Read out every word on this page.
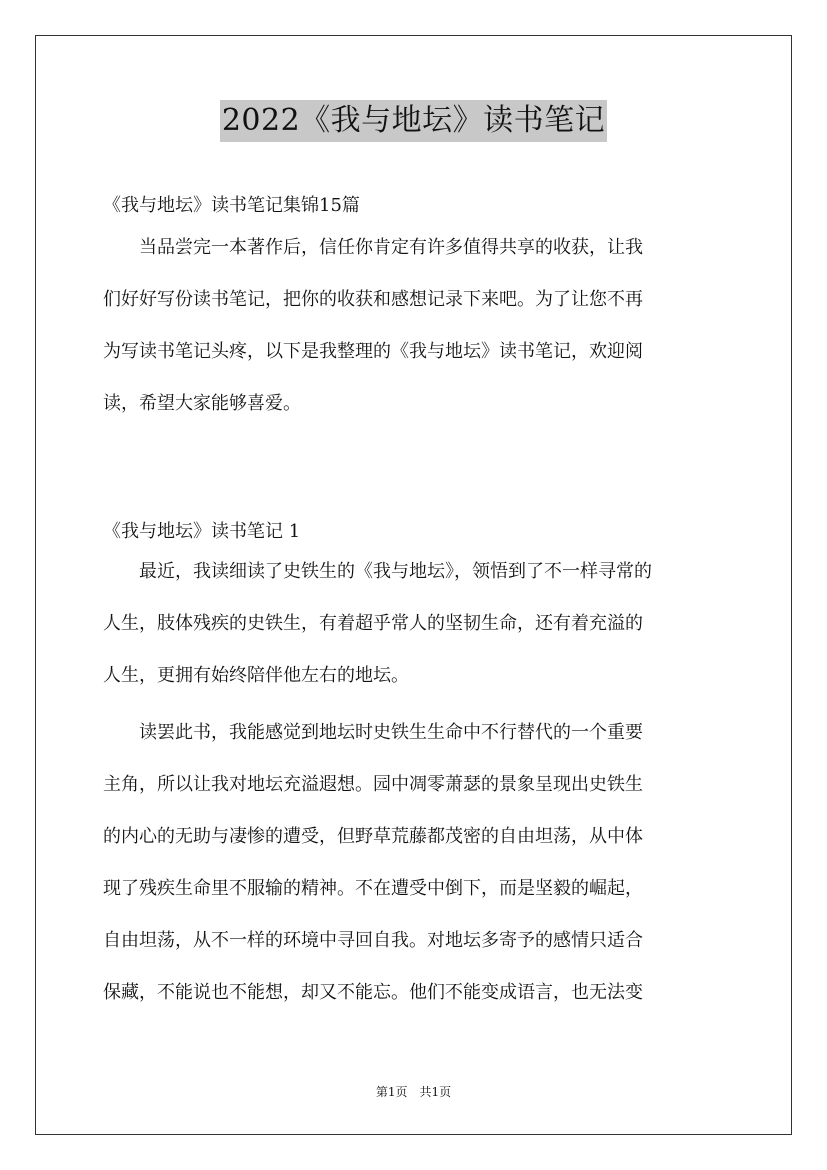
2022《我与地坛》读书笔记
《我与地坛》读书笔记集锦15篇
当品尝完一本著作后，信任你肯定有许多值得共享的收获，让我
们好好写份读书笔记，把你的收获和感想记录下来吧。为了让您不再
为写读书笔记头疼，以下是我整理的《我与地坛》读书笔记，欢迎阅
读，希望大家能够喜爱。
《我与地坛》读书笔记 1
最近，我读细读了史铁生的《我与地坛》，领悟到了不一样寻常的
人生，肢体残疾的史铁生，有着超乎常人的坚韧生命，还有着充溢的
人生，更拥有始终陪伴他左右的地坛。
读罢此书，我能感觉到地坛时史铁生生命中不行替代的一个重要
主角，所以让我对地坛充溢遐想。园中凋零萧瑟的景象呈现出史铁生
的内心的无助与凄惨的遭受，但野草荒藤都茂密的自由坦荡，从中体
现了残疾生命里不服输的精神。不在遭受中倒下，而是坚毅的崛起，
自由坦荡，从不一样的环境中寻回自我。对地坛多寄予的感情只适合
保藏，不能说也不能想，却又不能忘。他们不能变成语言，也无法变
第1页　共1页
